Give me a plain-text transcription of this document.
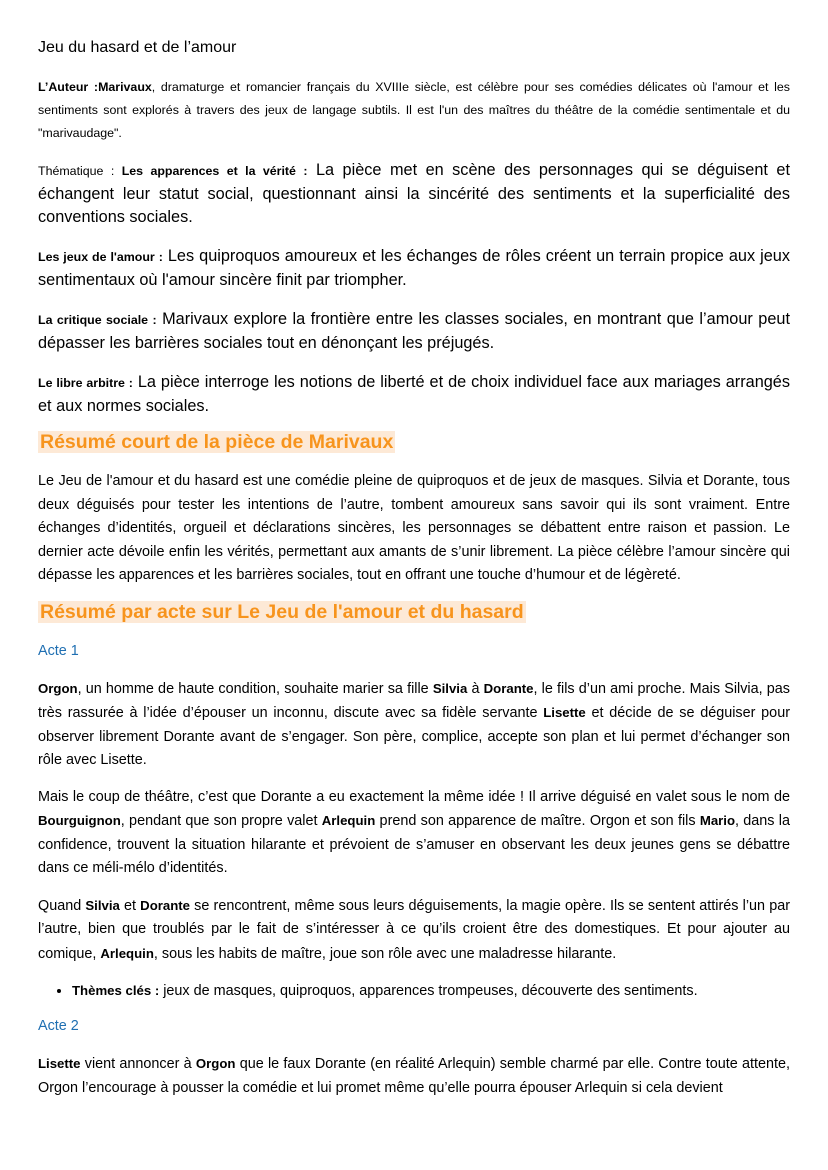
Jeu du hasard et de l’amour

L’Auteur :Marivaux, dramaturge et romancier français du XVIIIe siècle, est célèbre pour ses comédies délicates où l'amour et les sentiments sont explorés à travers des jeux de langage subtils. Il est l'un des maîtres du théâtre de la comédie sentimentale et du "marivaudage".

Thématique : Les apparences et la vérité : La pièce met en scène des personnages qui se déguisent et échangent leur statut social, questionnant ainsi la sincérité des sentiments et la superficialité des conventions sociales.

Les jeux de l'amour : Les quiproquos amoureux et les échanges de rôles créent un terrain propice aux jeux sentimentaux où l'amour sincère finit par triompher.

La critique sociale : Marivaux explore la frontière entre les classes sociales, en montrant que l’amour peut dépasser les barrières sociales tout en dénonçant les préjugés.

Le libre arbitre : La pièce interroge les notions de liberté et de choix individuel face aux mariages arrangés et aux normes sociales.

Résumé court de la pièce de Marivaux

Le Jeu de l'amour et du hasard est une comédie pleine de quiproquos et de jeux de masques. Silvia et Dorante, tous deux déguisés pour tester les intentions de l’autre, tombent amoureux sans savoir qui ils sont vraiment. Entre échanges d’identités, orgueil et déclarations sincères, les personnages se débattent entre raison et passion. Le dernier acte dévoile enfin les vérités, permettant aux amants de s’unir librement. La pièce célèbre l’amour sincère qui dépasse les apparences et les barrières sociales, tout en offrant une touche d’humour et de légèreté.

Résumé par acte sur Le Jeu de l'amour et du hasard
Acte 1

Orgon, un homme de haute condition, souhaite marier sa fille Silvia à Dorante, le fils d’un ami proche. Mais Silvia, pas très rassurée à l’idée d’épouser un inconnu, discute avec sa fidèle servante Lisette et décide de se déguiser pour observer librement Dorante avant de s’engager. Son père, complice, accepte son plan et lui permet d’échanger son rôle avec Lisette.

Mais le coup de théâtre, c’est que Dorante a eu exactement la même idée ! Il arrive déguisé en valet sous le nom de Bourguignon, pendant que son propre valet Arlequin prend son apparence de maître. Orgon et son fils Mario, dans la confidence, trouvent la situation hilarante et prévoient de s’amuser en observant les deux jeunes gens se débattre dans ce méli-mélo d’identités.

Quand Silvia et Dorante se rencontrent, même sous leurs déguisements, la magie opère. Ils se sentent attirés l’un par l’autre, bien que troublés par le fait de s’intéresser à ce qu’ils croient être des domestiques. Et pour ajouter au comique, Arlequin, sous les habits de maître, joue son rôle avec une maladresse hilarante.

• Thèmes clés : jeux de masques, quiproquos, apparences trompeuses, découverte des sentiments.
Acte 2

Lisette vient annoncer à Orgon que le faux Dorante (en réalité Arlequin) semble charmé par elle. Contre toute attente, Orgon l’encourage à pousser la comédie et lui promet même qu’elle pourra épouser Arlequin si cela devient
